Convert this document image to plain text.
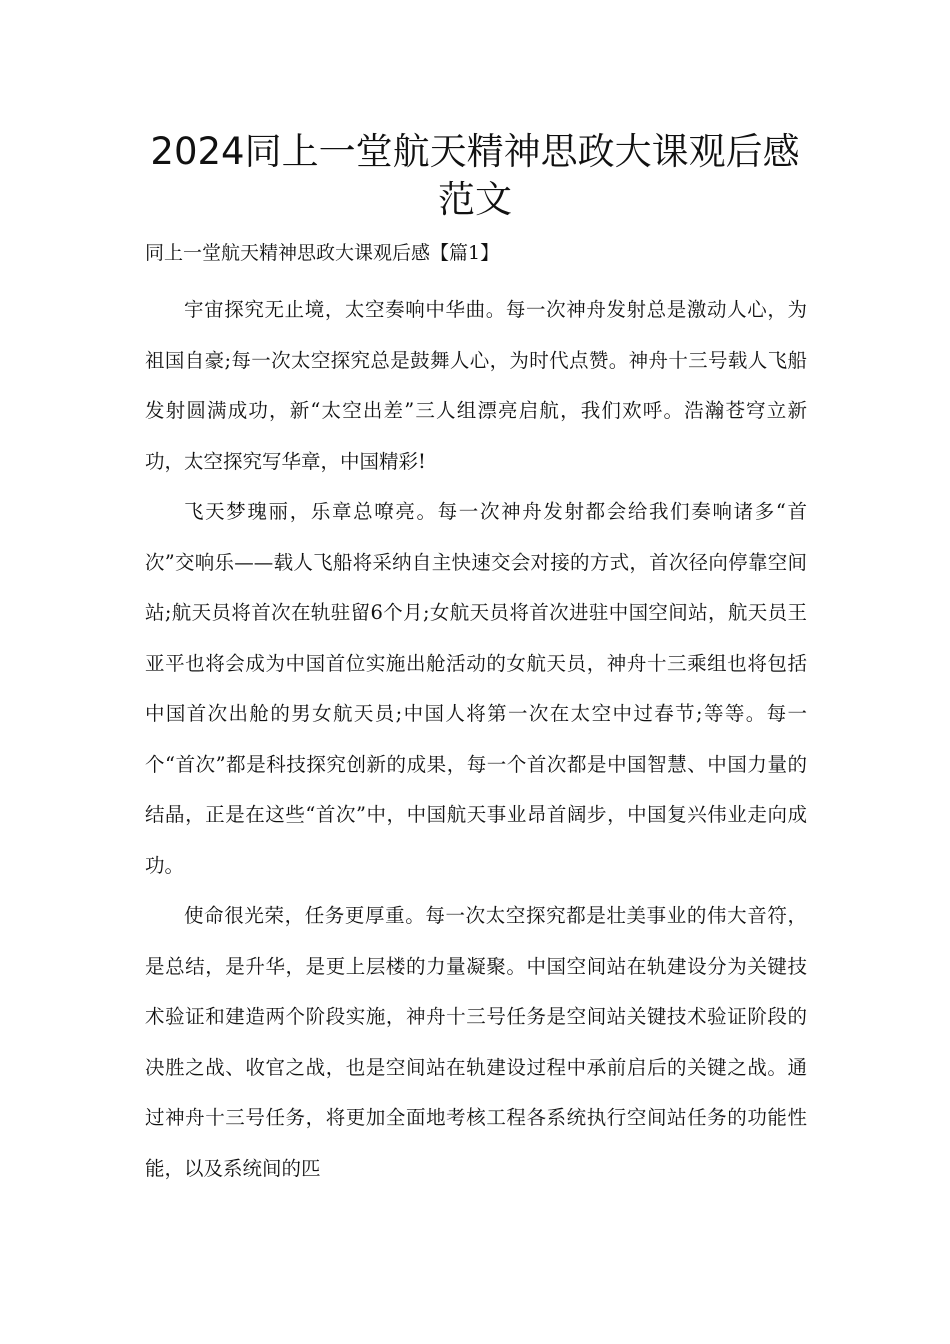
2024同上一堂航天精神思政大课观后感范文

同上一堂航天精神思政大课观后感【篇1】

宇宙探究无止境，太空奏响中华曲。每一次神舟发射总是激动人心，为祖国自豪;每一次太空探究总是鼓舞人心，为时代点赞。神舟十三号载人飞船发射圆满成功，新“太空出差”三人组漂亮启航，我们欢呼。浩瀚苍穹立新功，太空探究写华章，中国精彩!

飞天梦瑰丽，乐章总嘹亮。每一次神舟发射都会给我们奏响诸多“首次”交响乐——载人飞船将采纳自主快速交会对接的方式，首次径向停靠空间站;航天员将首次在轨驻留6个月;女航天员将首次进驻中国空间站，航天员王亚平也将会成为中国首位实施出舱活动的女航天员，神舟十三乘组也将包括中国首次出舱的男女航天员;中国人将第一次在太空中过春节;等等。每一个“首次”都是科技探究创新的成果，每一个首次都是中国智慧、中国力量的结晶，正是在这些“首次”中，中国航天事业昂首阔步，中国复兴伟业走向成功。

使命很光荣，任务更厚重。每一次太空探究都是壮美事业的伟大音符，是总结，是升华，是更上层楼的力量凝聚。中国空间站在轨建设分为关键技术验证和建造两个阶段实施，神舟十三号任务是空间站关键技术验证阶段的决胜之战、收官之战，也是空间站在轨建设过程中承前启后的关键之战。通过神舟十三号任务，将更加全面地考核工程各系统执行空间站任务的功能性能，以及系统间的匹
